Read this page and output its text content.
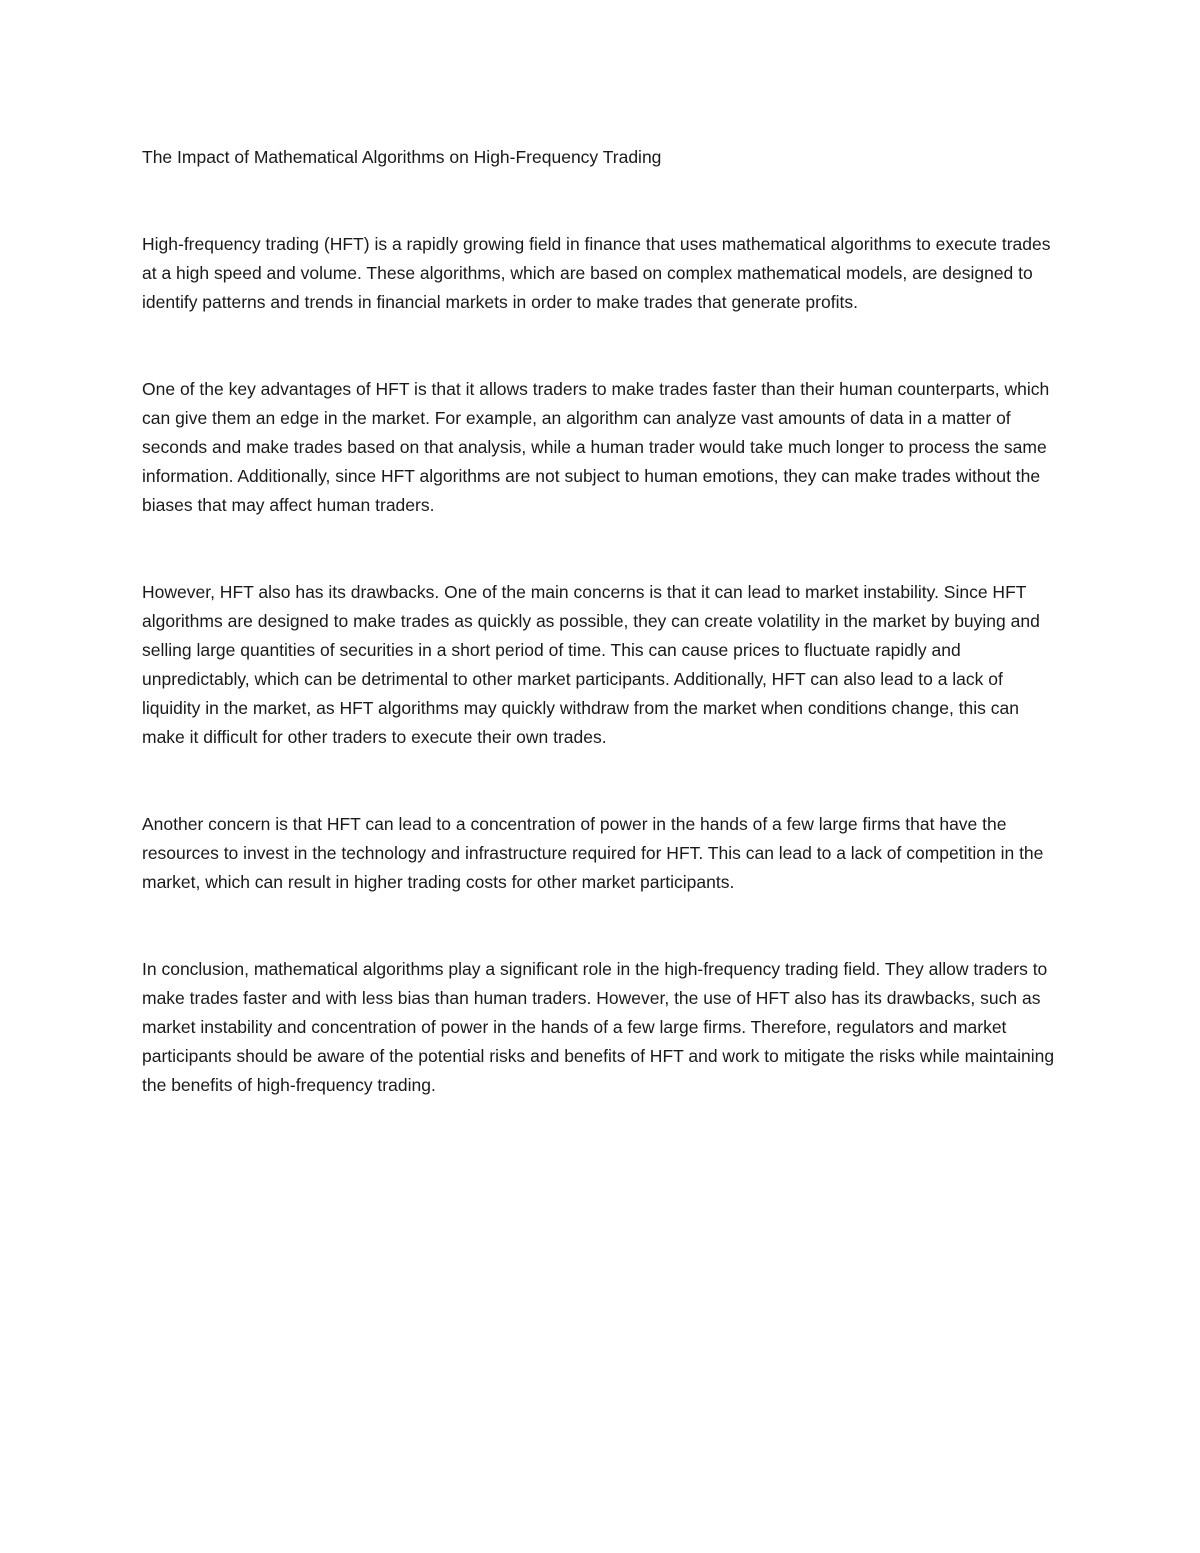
The Impact of Mathematical Algorithms on High-Frequency Trading

High-frequency trading (HFT) is a rapidly growing field in finance that uses mathematical algorithms to execute trades at a high speed and volume. These algorithms, which are based on complex mathematical models, are designed to identify patterns and trends in financial markets in order to make trades that generate profits.

One of the key advantages of HFT is that it allows traders to make trades faster than their human counterparts, which can give them an edge in the market. For example, an algorithm can analyze vast amounts of data in a matter of seconds and make trades based on that analysis, while a human trader would take much longer to process the same information. Additionally, since HFT algorithms are not subject to human emotions, they can make trades without the biases that may affect human traders.

However, HFT also has its drawbacks. One of the main concerns is that it can lead to market instability. Since HFT algorithms are designed to make trades as quickly as possible, they can create volatility in the market by buying and selling large quantities of securities in a short period of time. This can cause prices to fluctuate rapidly and unpredictably, which can be detrimental to other market participants. Additionally, HFT can also lead to a lack of liquidity in the market, as HFT algorithms may quickly withdraw from the market when conditions change, this can make it difficult for other traders to execute their own trades.

Another concern is that HFT can lead to a concentration of power in the hands of a few large firms that have the resources to invest in the technology and infrastructure required for HFT. This can lead to a lack of competition in the market, which can result in higher trading costs for other market participants.

In conclusion, mathematical algorithms play a significant role in the high-frequency trading field. They allow traders to make trades faster and with less bias than human traders. However, the use of HFT also has its drawbacks, such as market instability and concentration of power in the hands of a few large firms. Therefore, regulators and market participants should be aware of the potential risks and benefits of HFT and work to mitigate the risks while maintaining the benefits of high-frequency trading.
